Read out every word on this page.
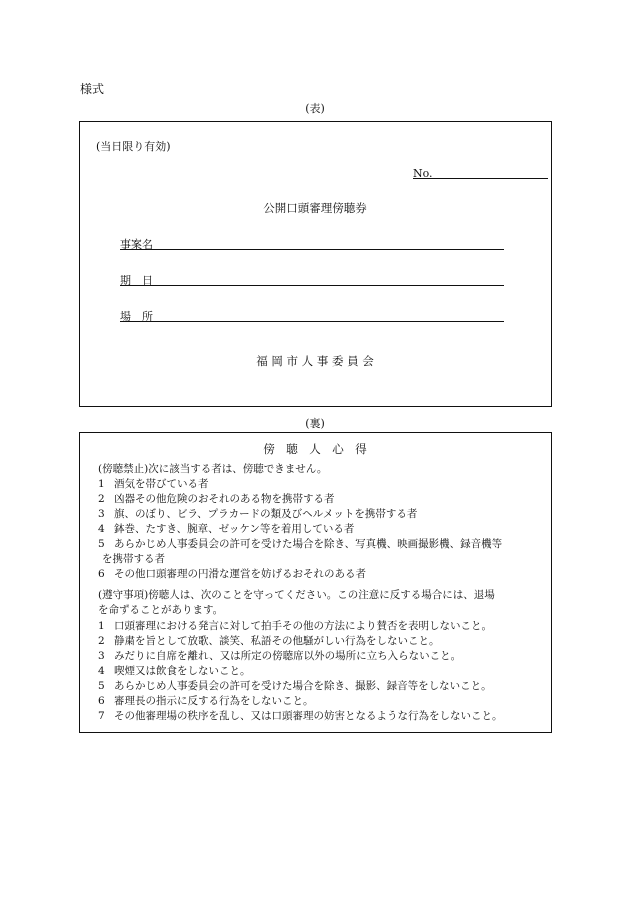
様式
(表)
(当日限り有効)
No.
公開口頭審理傍聴券
事案名
期　日
場　所
福 岡 市 人 事 委 員 会
(裏)
傍　聴　人　心　得
(傍聴禁止)次に該当する者は、傍聴できません。
1 酒気を帯びている者
2 凶器その他危険のおそれのある物を携帯する者
3 旗、のぼり、ビラ、プラカードの類及びヘルメットを携帯する者
4 鉢巻、たすき、腕章、ゼッケン等を着用している者
5 あらかじめ人事委員会の許可を受けた場合を除き、写真機、映画撮影機、録音機等
を携帯する者
6 その他口頭審理の円滑な運営を妨げるおそれのある者
(遵守事項)傍聴人は、次のことを守ってください。この注意に反する場合には、退場
を命ずることがあります。
1 口頭審理における発言に対して拍手その他の方法により賛否を表明しないこと。
2 静粛を旨として放歌、談笑、私語その他騒がしい行為をしないこと。
3 みだりに自席を離れ、又は所定の傍聴席以外の場所に立ち入らないこと。
4 喫煙又は飲食をしないこと。
5 あらかじめ人事委員会の許可を受けた場合を除き、撮影、録音等をしないこと。
6 審理長の指示に反する行為をしないこと。
7 その他審理場の秩序を乱し、又は口頭審理の妨害となるような行為をしないこと。
